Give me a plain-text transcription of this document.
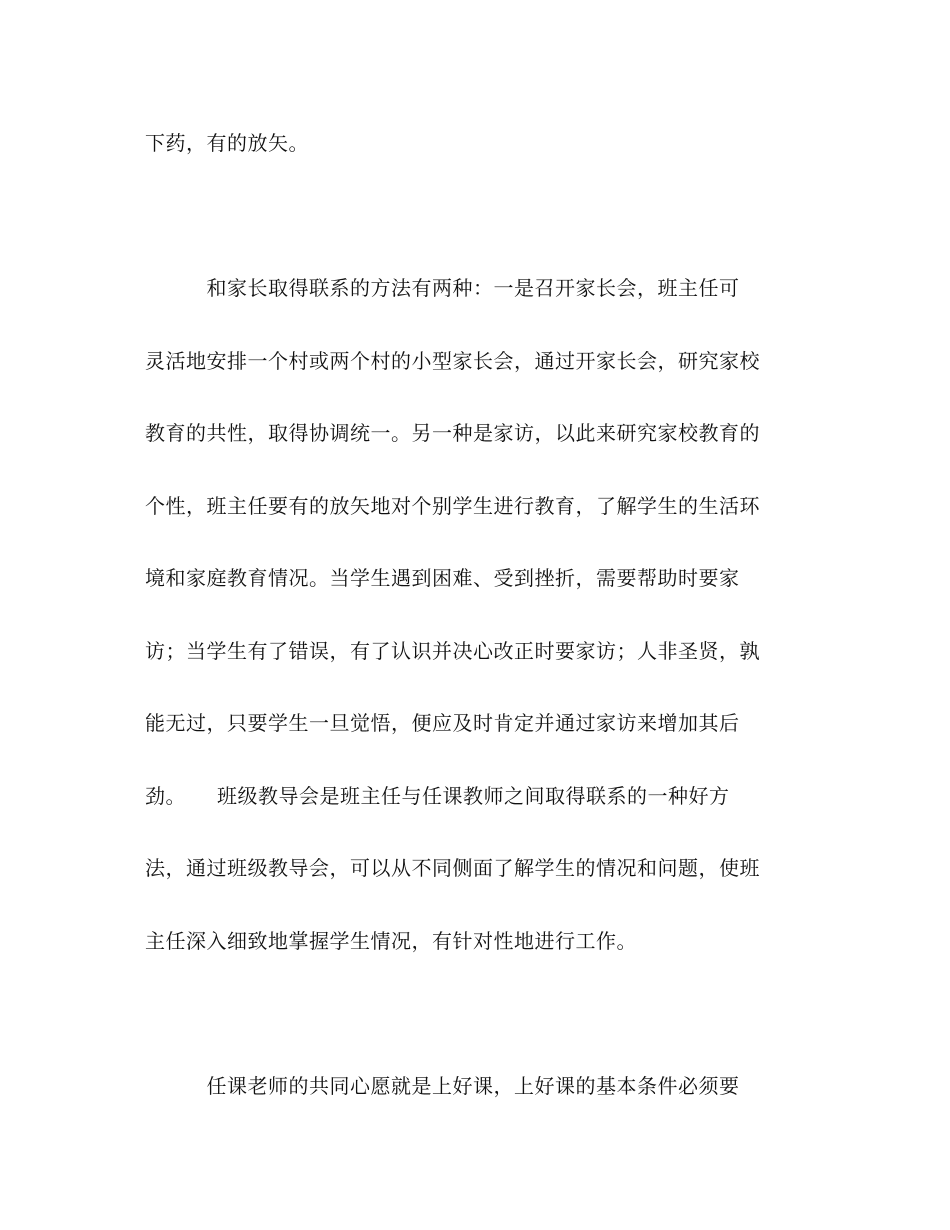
下药，有的放矢。
　　　和家长取得联系的方法有两种：一是召开家长会，班主任可
灵活地安排一个村或两个村的小型家长会，通过开家长会，研究家校
教育的共性，取得协调统一。另一种是家访，以此来研究家校教育的
个性，班主任要有的放矢地对个别学生进行教育，了解学生的生活环
境和家庭教育情况。当学生遇到困难、受到挫折，需要帮助时要家
访；当学生有了错误，有了认识并决心改正时要家访；人非圣贤，孰
能无过，只要学生一旦觉悟，便应及时肯定并通过家访来增加其后
劲。　　班级教导会是班主任与任课教师之间取得联系的一种好方
法，通过班级教导会，可以从不同侧面了解学生的情况和问题，使班
主任深入细致地掌握学生情况，有针对性地进行工作。
　　　任课老师的共同心愿就是上好课，上好课的基本条件必须要
